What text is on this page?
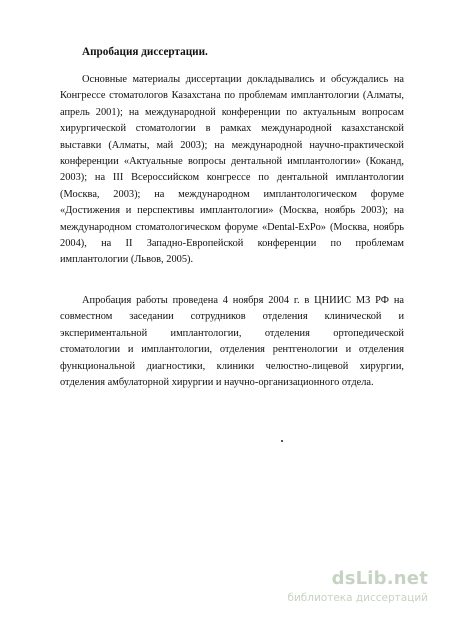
Апробация диссертации.

Основные материалы диссертации докладывались и обсуждались на Конгрессе стоматологов Казахстана по проблемам имплантологии (Алматы, апрель 2001); на международной конференции по актуальным вопросам хирургической стоматологии в рамках международной казахстанской выставки (Алматы, май 2003); на международной научно-практической конференции «Актуальные вопросы дентальной имплантологии» (Коканд, 2003); на III Всероссийском конгрессе по дентальной имплантологии (Москва, 2003); на международном имплантологическом форуме «Достижения и перспективы имплантологии» (Москва, ноябрь 2003); на международном стоматологическом форуме «Dental-ExPo» (Москва, ноябрь 2004), на II Западно-Европейской конференции по проблемам имплантологии (Львов, 2005).

Апробация работы проведена 4 ноября 2004 г. в ЦНИИС МЗ РФ на совместном заседании сотрудников отделения клинической и экспериментальной имплантологии, отделения ортопедической стоматологии и имплантологии, отделения рентгенологии и отделения функциональной диагностики, клиники челюстно-лицевой хирургии, отделения амбулаторной хирургии и научно-организационного отдела.

dsLib.net
библиотека диссертаций
